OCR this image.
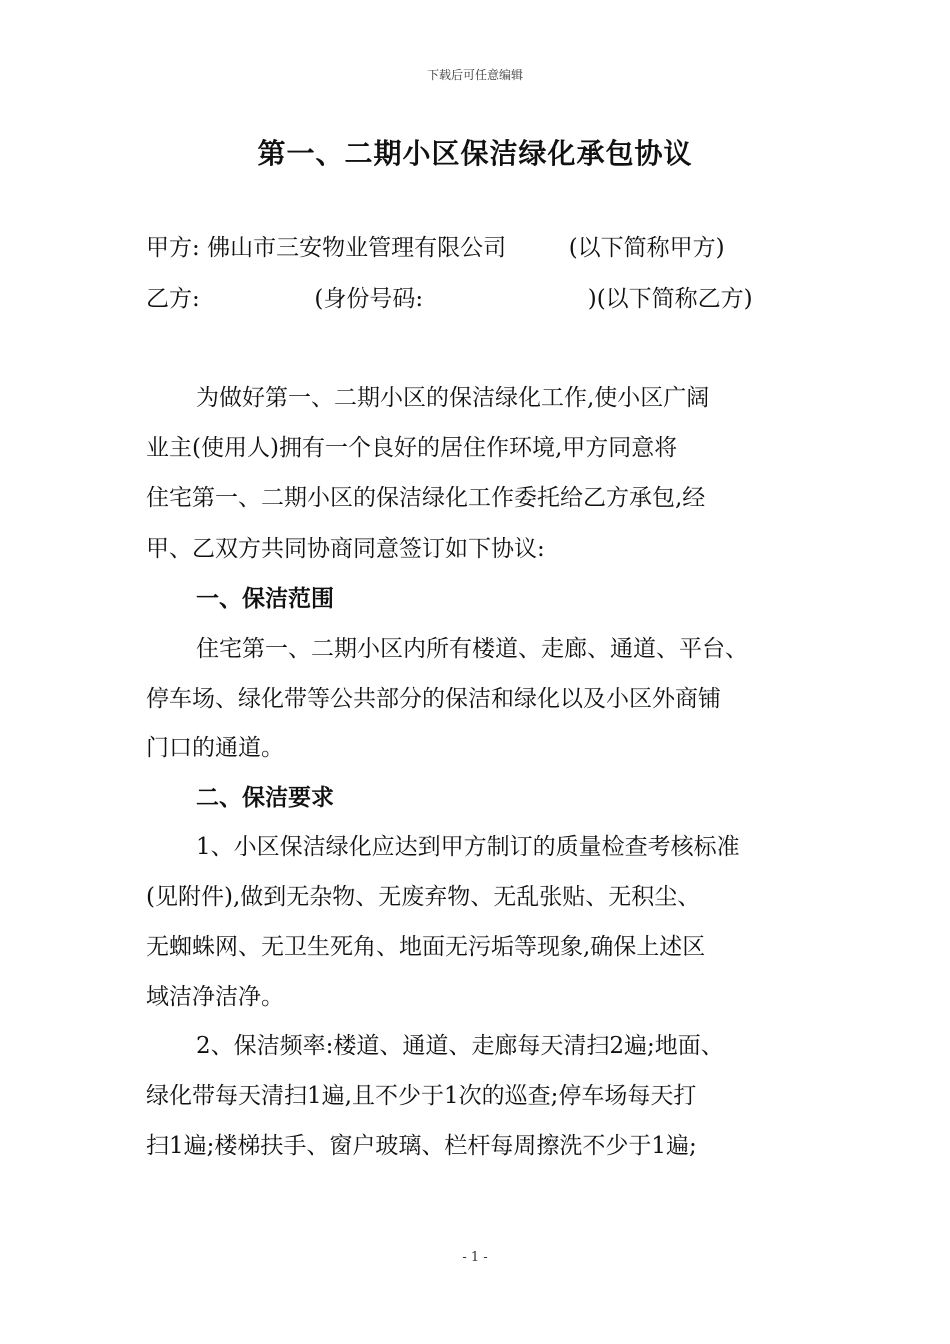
下载后可任意编辑
第一、二期小区保洁绿化承包协议
甲方: 佛山市三安物业管理有限公司	(以下简称甲方)
乙方:	(身份号码:	)(以下简称乙方)
为做好第一、二期小区的保洁绿化工作,使小区广阔
业主(使用人)拥有一个良好的居住作环境,甲方同意将
住宅第一、二期小区的保洁绿化工作委托给乙方承包,经
甲、乙双方共同协商同意签订如下协议:
一、保洁范围
住宅第一、二期小区内所有楼道、走廊、通道、平台、
停车场、绿化带等公共部分的保洁和绿化以及小区外商铺
门口的通道。
二、保洁要求
1、小区保洁绿化应达到甲方制订的质量检查考核标准
(见附件),做到无杂物、无废弃物、无乱张贴、无积尘、
无蜘蛛网、无卫生死角、地面无污垢等现象,确保上述区
域洁净洁净。
2、保洁频率:楼道、通道、走廊每天清扫2遍;地面、
绿化带每天清扫1遍,且不少于1次的巡查;停车场每天打
扫1遍;楼梯扶手、窗户玻璃、栏杆每周擦洗不少于1遍;
- 1 -
